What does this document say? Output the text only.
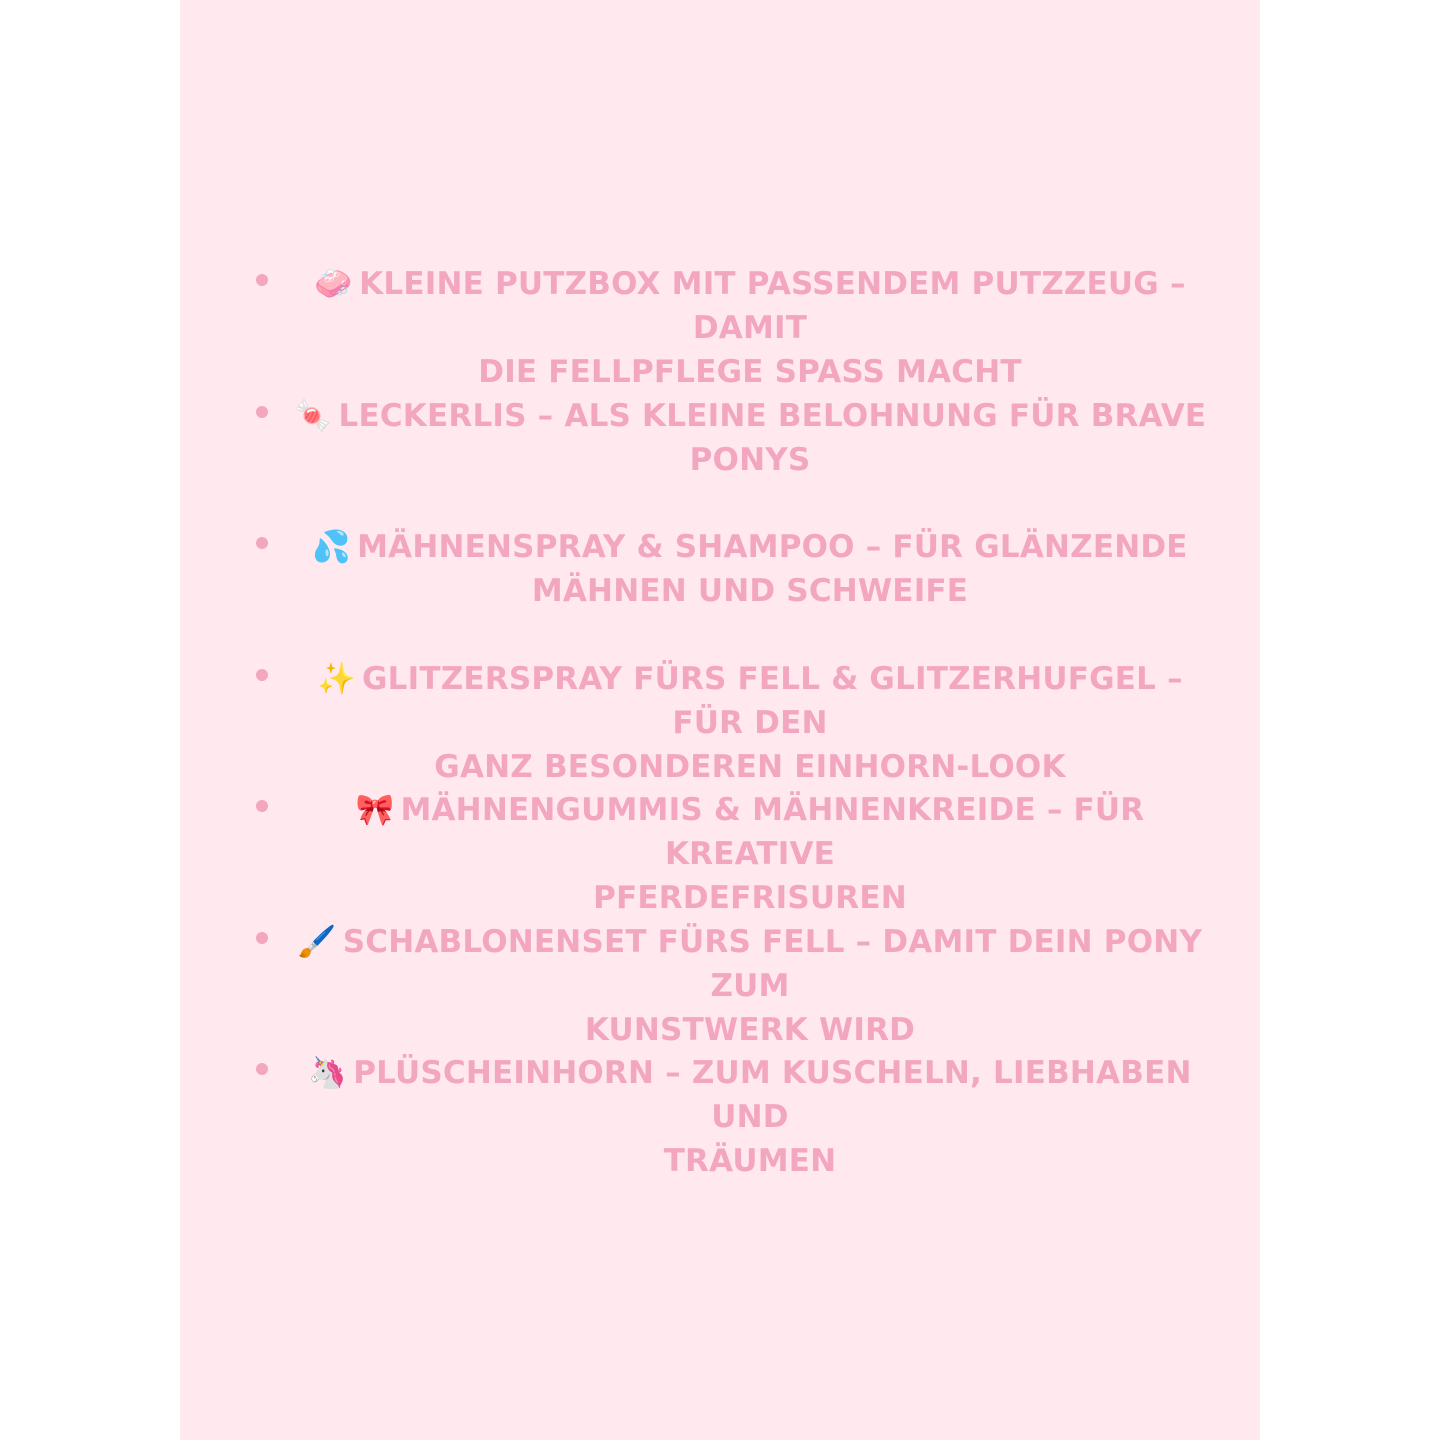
🧼 KLEINE PUTZBOX MIT PASSENDEM PUTZZEUG – DAMIT
DIE FELLPFLEGE SPASS MACHT
🍬 LECKERLIS – ALS KLEINE BELOHNUNG FÜR BRAVE
PONYS
💦 MÄHNENSPRAY & SHAMPOO – FÜR GLÄNZENDE
MÄHNEN UND SCHWEIFE
✨ GLITZERSPRAY FÜRS FELL & GLITZERHUFGEL – FÜR DEN
GANZ BESONDEREN EINHORN-LOOK
🎀 MÄHNENGUMMIS & MÄHNENKREIDE – FÜR KREATIVE
PFERDEFRISUREN
🖌️ SCHABLONENSET FÜRS FELL – DAMIT DEIN PONY ZUM
KUNSTWERK WIRD
🦄 PLÜSCHEINHORN – ZUM KUSCHELN, LIEBHABEN UND
TRÄUMEN
